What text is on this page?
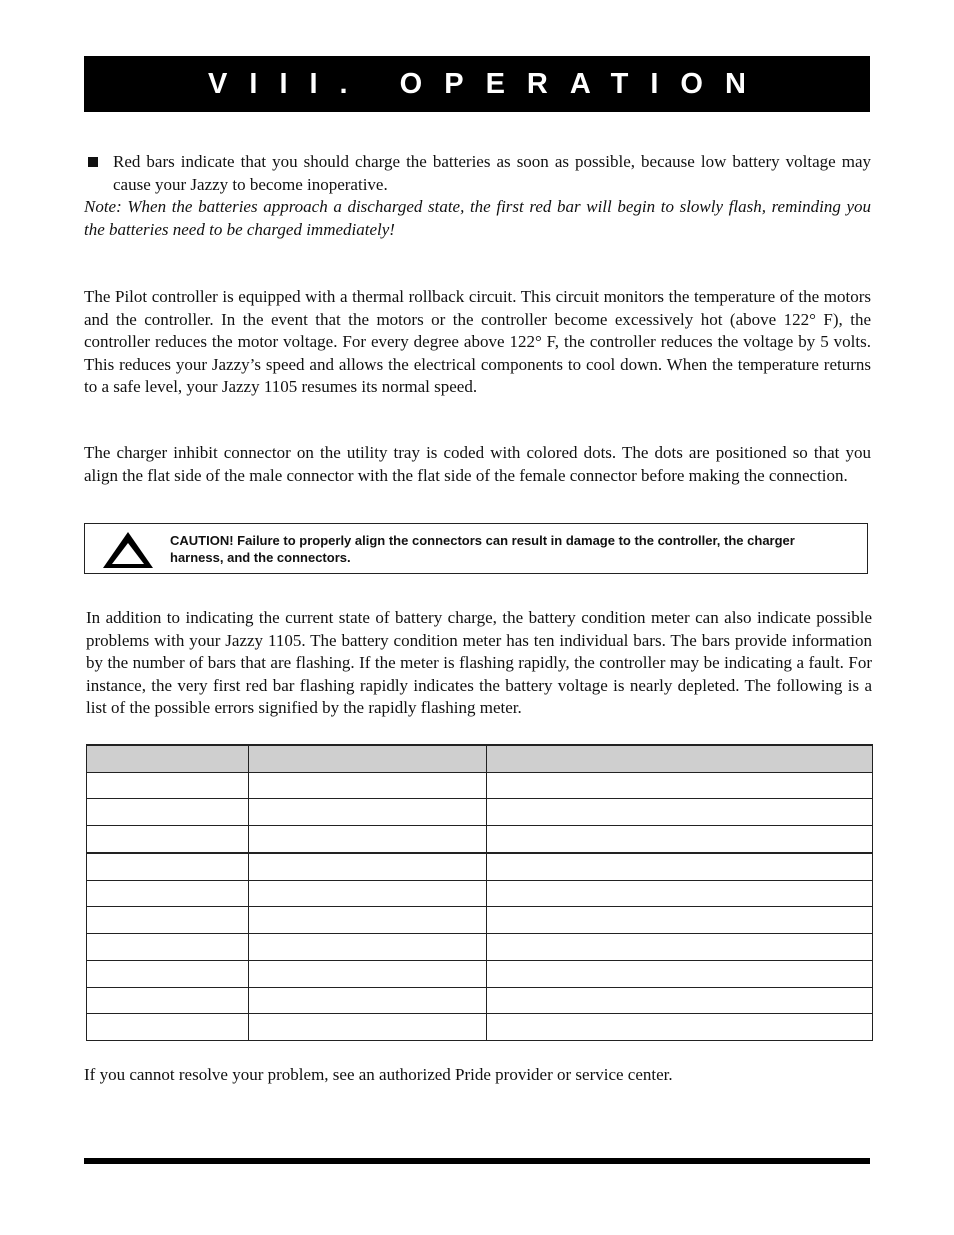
VIII. OPERATION
Red bars indicate that you should charge the batteries as soon as possible, because low battery voltage may cause your Jazzy to become inoperative.
Note: When the batteries approach a discharged state, the first red bar will begin to slowly flash, reminding you the batteries need to be charged immediately!

The Pilot controller is equipped with a thermal rollback circuit. This circuit monitors the temperature of the motors and the controller. In the event that the motors or the controller become excessively hot (above 122° F), the controller reduces the motor voltage. For every degree above 122° F, the controller reduces the voltage by 5 volts. This reduces your Jazzy’s speed and allows the electrical components to cool down. When the temperature returns to a safe level, your Jazzy 1105 resumes its normal speed.

The charger inhibit connector on the utility tray is coded with colored dots. The dots are positioned so that you align the flat side of the male connector with the flat side of the female connector before making the connection.

CAUTION! Failure to properly align the connectors can result in damage to the controller, the charger harness, and the connectors.

In addition to indicating the current state of battery charge, the battery condition meter can also indicate possible problems with your Jazzy 1105. The battery condition meter has ten individual bars. The bars provide information by the number of bars that are flashing. If the meter is flashing rapidly, the controller may be indicating a fault. For instance, the very first red bar flashing rapidly indicates the battery voltage is nearly depleted. The following is a list of the possible errors signified by the rapidly flashing meter.

If you cannot resolve your problem, see an authorized Pride provider or service center.
